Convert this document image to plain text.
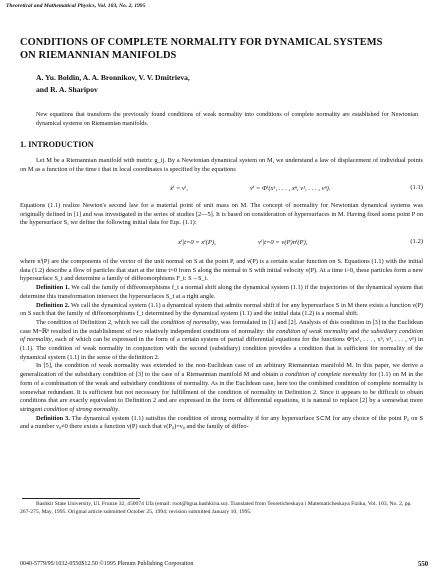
Theoretical and Mathematical Physics, Vol. 103, No. 2, 1995
CONDITIONS OF COMPLETE NORMALITY FOR DYNAMICAL SYSTEMS
ON RIEMANNIAN MANIFOLDS
A. Yu. Boldin, A. A. Bronnikov, V. V. Dmitrieva,
and R. A. Sharipov
New equations that transform the previously found conditions of weak normality into conditions of complete normality are established for Newtonian dynamical systems on Riemannian manifolds.
1. INTRODUCTION

Let M be a Riemannian manifold with metric g_ij. By a Newtonian dynamical system on M, we understand a law of displacement of individual points on M as a function of the time t that in local coordinates is specified by the equations

ẋⁱ = vⁱ,	v̇ⁱ = Φⁱ(x¹, . . . , xⁿ, v¹, . . . , vⁿ).	(1.1)

Equations (1.1) realize Newton's second law for a material point of unit mass on M. The concept of normality for Newtonian dynamical systems was originally defined in [1] and was investigated in the series of studies [2—5]. It is based on consideration of hypersurfaces in M. Having fixed some point P on the hypersurface S, we define the following initial data for Eqs. (1.1):

xⁱ|t=0 = xⁱ(P),	vⁱ|t=0 = ν(P)nⁱ(P),	(1.2)

where nⁱ(P) are the components of the vector of the unit normal on S at the point P, and ν(P) is a certain scalar function on S. Equations (1.1) with the initial data (1.2) describe a flow of particles that start at the time t=0 from S along the normal to S with initial velocity ν(P). At a time t>0, these particles form a new hypersurface S_t and determine a family of diffeomorphisms F_t: S→S_t.

Definition 1. We call the family of diffeomorphisms f_t a normal shift along the dynamical system (1.1) if the trajectories of the dynamical system that determine this transformation intersect the hypersurfaces S_t at a right angle.

Definition 2. We call the dynamical system (1.1) a dynamical system that admits normal shift if for any hypersurface S in M there exists a function ν(P) on S such that the family of diffeomorphisms f_t determined by the dynamical system (1.1) and the initial data (1.2) is a normal shift.

The condition of Definition 2, which we call the condition of normality, was formulated in [1] and [2]. Analysis of this condition in [3] in the Euclidean case M=ℝⁿ resulted in the establishment of two relatively independent conditions of normality: the condition of weak normality and the subsidiary condition of normality, each of which can be expressed in the form of a certain system of partial differential equations for the functions Φⁱ(x¹, . . . , xⁿ, v¹, . . . , vⁿ) in (1.1). The condition of weak normality in conjunction with the second (subsidiary) condition provides a condition that is sufficient for normality of the dynamical system (1.1) in the sense of the definition 2.

In [5], the condition of weak normality was extended to the non-Euclidean case of an arbitrary Riemannian manifold M. In this paper, we derive a generalization of the subsidiary condition of [3] to the case of a Riemannian manifold M and obtain a condition of complete normality for (1.1) on M in the form of a combination of the weak and subsidiary conditions of normality. As in the Euclidean case, here too the combined condition of complete normality is somewhat redundant. It is sufficient but not necessary for fulfillment of the condition of normality in Definition 2. Since it appears to be difficult to obtain conditions that are exactly equivalent to Definition 2 and are expressed in the form of differential equations, it is natural to replace [2] by a somewhat more stringent condition of strong normality.

Definition 3. The dynamical system (1.1) satisfies the condition of strong normality if for any hypersurface S⊂M for any choice of the point P₀ on S and a number ν₀≠0 there exists a function ν(P) such that ν(P₀)=ν₀ and the family of diffeo-

Bashkir State University, Ul. Frunze 32, 450074 Ufa (email: root@bgua.bashkiria.su). Translated from Teoreticheskaya i Matematicheskaya Fizika, Vol. 103, No. 2, pp. 267-275, May, 1995. Original article submitted October 25, 1994; revision submitted January 10, 1995.
0040-5779/95/1032-0550$12.50 ©1995 Plenum Publishing Corporation	550
